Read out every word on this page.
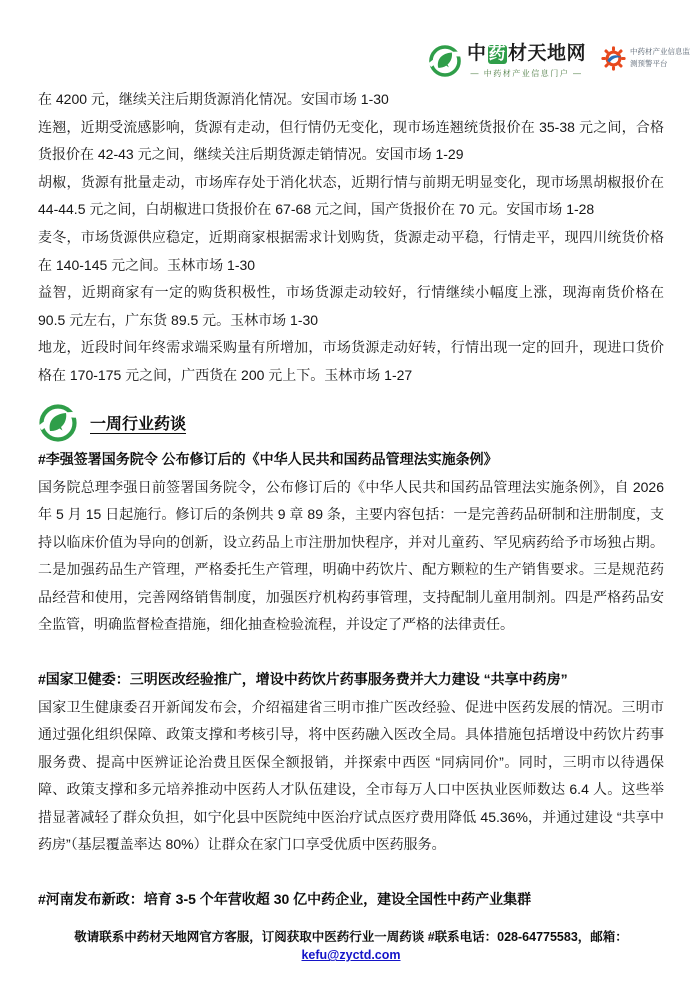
中 药 材天地网
— 中药材产业信息门户 —
中药材产业信息监测预警平台

在 4200 元，继续关注后期货源消化情况。安国市场 1-30

连翘，近期受流感影响，货源有走动，但行情仍无变化，现市场连翘统货报价在 35-38 元之间，合格货报价在 42-43 元之间，继续关注后期货源走销情况。安国市场 1-29

胡椒，货源有批量走动，市场库存处于消化状态，近期行情与前期无明显变化，现市场黑胡椒报价在 44-44.5 元之间，白胡椒进口货报价在 67-68 元之间，国产货报价在 70 元。安国市场 1-28

麦冬，市场货源供应稳定，近期商家根据需求计划购货，货源走动平稳，行情走平，现四川统货价格在 140-145 元之间。玉林市场 1-30

益智，近期商家有一定的购货积极性，市场货源走动较好，行情继续小幅度上涨，现海南货价格在 90.5 元左右，广东货 89.5 元。玉林市场 1-30

地龙，近段时间年终需求端采购量有所增加，市场货源走动好转，行情出现一定的回升，现进口货价格在 170-175 元之间，广西货在 200 元上下。玉林市场 1-27

一周行业药谈
#李强签署国务院令 公布修订后的《中华人民共和国药品管理法实施条例》

国务院总理李强日前签署国务院令，公布修订后的《中华人民共和国药品管理法实施条例》，自 2026 年 5 月 15 日起施行。修订后的条例共 9 章 89 条，主要内容包括：一是完善药品研制和注册制度，支持以临床价值为导向的创新，设立药品上市注册加快程序，并对儿童药、罕见病药给予市场独占期。二是加强药品生产管理，严格委托生产管理，明确中药饮片、配方颗粒的生产销售要求。三是规范药品经营和使用，完善网络销售制度，加强医疗机构药事管理，支持配制儿童用制剂。四是严格药品安全监管，明确监督检查措施，细化抽查检验流程，并设定了严格的法律责任。

#国家卫健委：三明医改经验推广，增设中药饮片药事服务费并大力建设 “共享中药房”

国家卫生健康委召开新闻发布会，介绍福建省三明市推广医改经验、促进中医药发展的情况。三明市通过强化组织保障、政策支撑和考核引导，将中医药融入医改全局。具体措施包括增设中药饮片药事服务费、提高中医辨证论治费且医保全额报销，并探索中西医 “同病同价”。同时，三明市以待遇保障、政策支撑和多元培养推动中医药人才队伍建设，全市每万人口中医执业医师数达 6.4 人。这些举措显著减轻了群众负担，如宁化县中医院纯中医治疗试点医疗费用降低 45.36%，并通过建设 “共享中药房”（基层覆盖率达 80%）让群众在家门口享受优质中医药服务。

#河南发布新政：培育 3-5 个年营收超 30 亿中药企业，建设全国性中药产业集群
敬请联系中药材天地网官方客服，订阅获取中医药行业一周药谈 #联系电话：028-64775583，邮箱：kefu@zyctd.com
